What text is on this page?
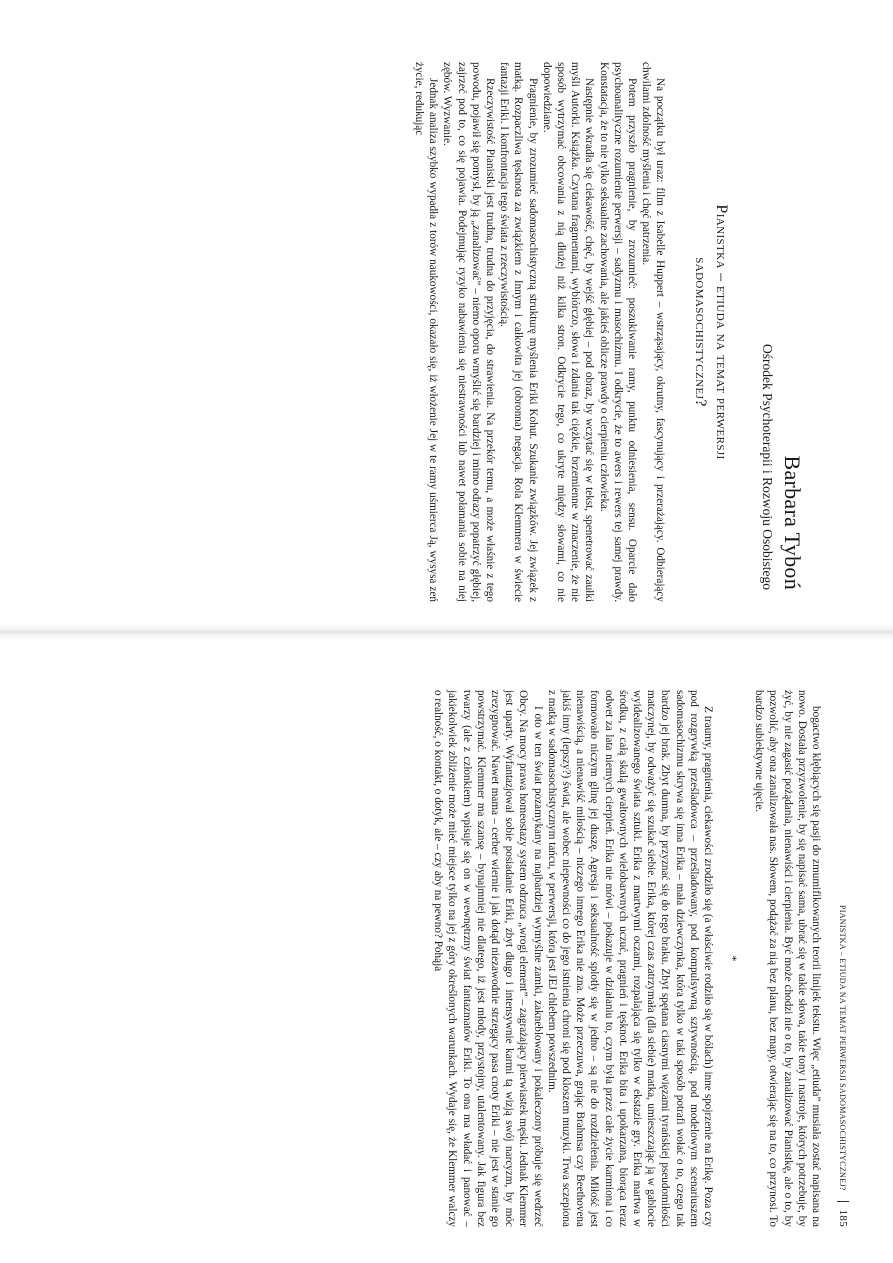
Barbara Tyboń
Ośrodek Psychoterapii i Rozwoju Osobistego
Pianistka – etiuda na temat perwersji
sadomasochistycznej?

Na początku był uraz: film z Isabelle Huppert – wstrząsający, okrutny, fascynujący i przerażający. Odbierający chwilami zdolność myślenia i chęć patrzenia.

Potem przyszło pragnienie, by zrozumieć: poszukiwanie ramy, punktu odniesienia, sensu. Oparcie dało psychoanalityczne rozumienie perwersji – sadyzmu i masochizmu. I odkrycie, że to awers i rewers tej samej prawdy. Konstatacja, że to nie tylko seksualne zachowania, ale jakieś oblicze prawdy o cierpieniu człowieka.

Następnie wkradła się ciekawość, chęć, by wejść głębiej – pod obraz, by wczytać się w tekst, spenetrować zaułki myśli Autorki. Książka. Czytana fragmentami, wybiórczo, słowa i zdania tak ciężkie, brzemienne w znaczenie, że nie sposób wytrzymać obcowania z nią dłużej niż kilka stron. Odkrycie tego, co ukryte między słowami, co nie dopowiedziane.

Pragnienie, by zrozumieć sadomasochistyczną strukturę myślenia Eriki Kohut. Szukanie związków. Jej związek z matką. Rozpaczliwa tęsknota za związkiem z Innym i całkowita jej (obronna) negacja. Rola Klemmera w świecie fantazji Eriki. I konfrontacja tego świata z rzeczywistością.

Rzeczywistość Pianistki jest trudna, trudna do przyjęcia, do strawienia. Na przekór temu, a może właśnie z tego powodu, pojawił się pomysł, by ją „zanalizować” – niemo oporu wmyślić się bardziej i mimo odrazy popatrzyć głębiej, zajrzeć pod to, co się pojawia. Podejmując ryzyko nabawienia się niestrawności lub nawet połamania sobie na niej zębów. Wyzwanie.

Jednak analiza szybko wypadła z torów naukowości, okazało się, iż włożenie Jej w te ramy uśmierca Ją, wysysa zeń życie, redukując

PIANISTKA – ETIUDA NA TEMAT PERWERSJI SADOMASOCHISTYCZNEJ?
185

bogactwo kłębiących się pasji do zmumifikowanych teorii linijek tekstu. Więc „etiuda” musiała zostać napisana na nowo. Dostała przyzwolenie, by się napisać sama, ubrać się w takie słowa, takie tony i nastroje, których potrzebuje, by żyć, by nie zagasić pożądania, nienawiści i cierpienia. Być może chodzi nie o to, by zanalizować Pianistkę, ale o to, by pozwolić, aby ona zanalizowała nas. Słowem, podążać za nią bez planu, bez mapy, otwierając się na to, co przynosi. To bardzo subiektywne ujęcie.

*

Z traumy, pragnienia, ciekawości zrodziło się (a właściwie rodziło się w bólach) inne spojrzenie na Erikę. Poza czy pod rozgrywką prześladowca – prześladowany, pod kompulsywną sztywnością, pod modelowym scenariuszem sadomasochizmu skrywa się inna Erika – mała dziewczynka, która tylko w taki sposób potrafi wołać o to, czego tak bardzo jej brak. Zbyt dumna, by przyznać się do tego braku. Zbyt spętana ciasnymi więzami tyrańskiej pseudomiłości matczynej, by odważyć się szukać siebie. Erika, której czas zatrzymała (dla siebie) matka, umieszczając ją w gablocie wyidealizowanego świata sztuki. Erika z martwymi oczami, rozpalająca się tylko w ekstazie gry. Erika martwa w środku, z całą skalą gwałtownych wielobarwnych uczuć, pragnień i tęsknot. Erika bita i upokarzana, biorąca teraz odwet za lata niemych cierpień. Erika nie mówi – pokazuje w działaniu to, czym była przez całe życie karmiona i co formowało niczym glinę jej duszę. Agresja i seksualność splotły się w jedno – są nie do rozdzielenia. Miłość jest nienawiścią, a nienawiść miłością – niczego innego Erika nie zna. Może przeczuwa, grając Brahmsa czy Beethovena jakiś inny (lepszy?) świat, ale wobec niepewności co do jego istnienia chroni się pod kloszem muzyki. Trwa sczepiona z matką w sadomasochistycznym tańcu, w perwersji, która jest JEJ chlebem powszednim.

I oto w ten świat pozamykany na najbardziej wymyślne zamki, zakneblowany i pokaleczony próbuje się wedrzeć Obcy. Na mocy prawa homeostazy system odrzuca „wrogi element” – zagrażający pierwiastek męski. Jednak Klemmer jest uparty. Wyfantazjował sobie posiadanie Eriki, zbyt długo i intensywnie karmi tą wizją swój narcyzm, by móc zrezygnować. Nawet mama – cerber wiernie i jak dotąd niezawodnie strzegący pasa cnoty Eriki – nie jest w stanie go powstrzymać. Klemmer ma szansę – bynajmniej nie dlatego, iż jest młody, przystojny, utalentowany. Jak figura bez twarzy (ale z członkiem) wpisuje się on w wewnętrzny świat fantazmatów Eriki. To ona ma władać i panować – jakiekolwiek zbliżenie może mieć miejsce tylko na jej z góry określonych warunkach. Wydaje się, że Klemmer walczy o realność, o kontakt, o dotyk, ale – czy aby na pewno? Pohąja
